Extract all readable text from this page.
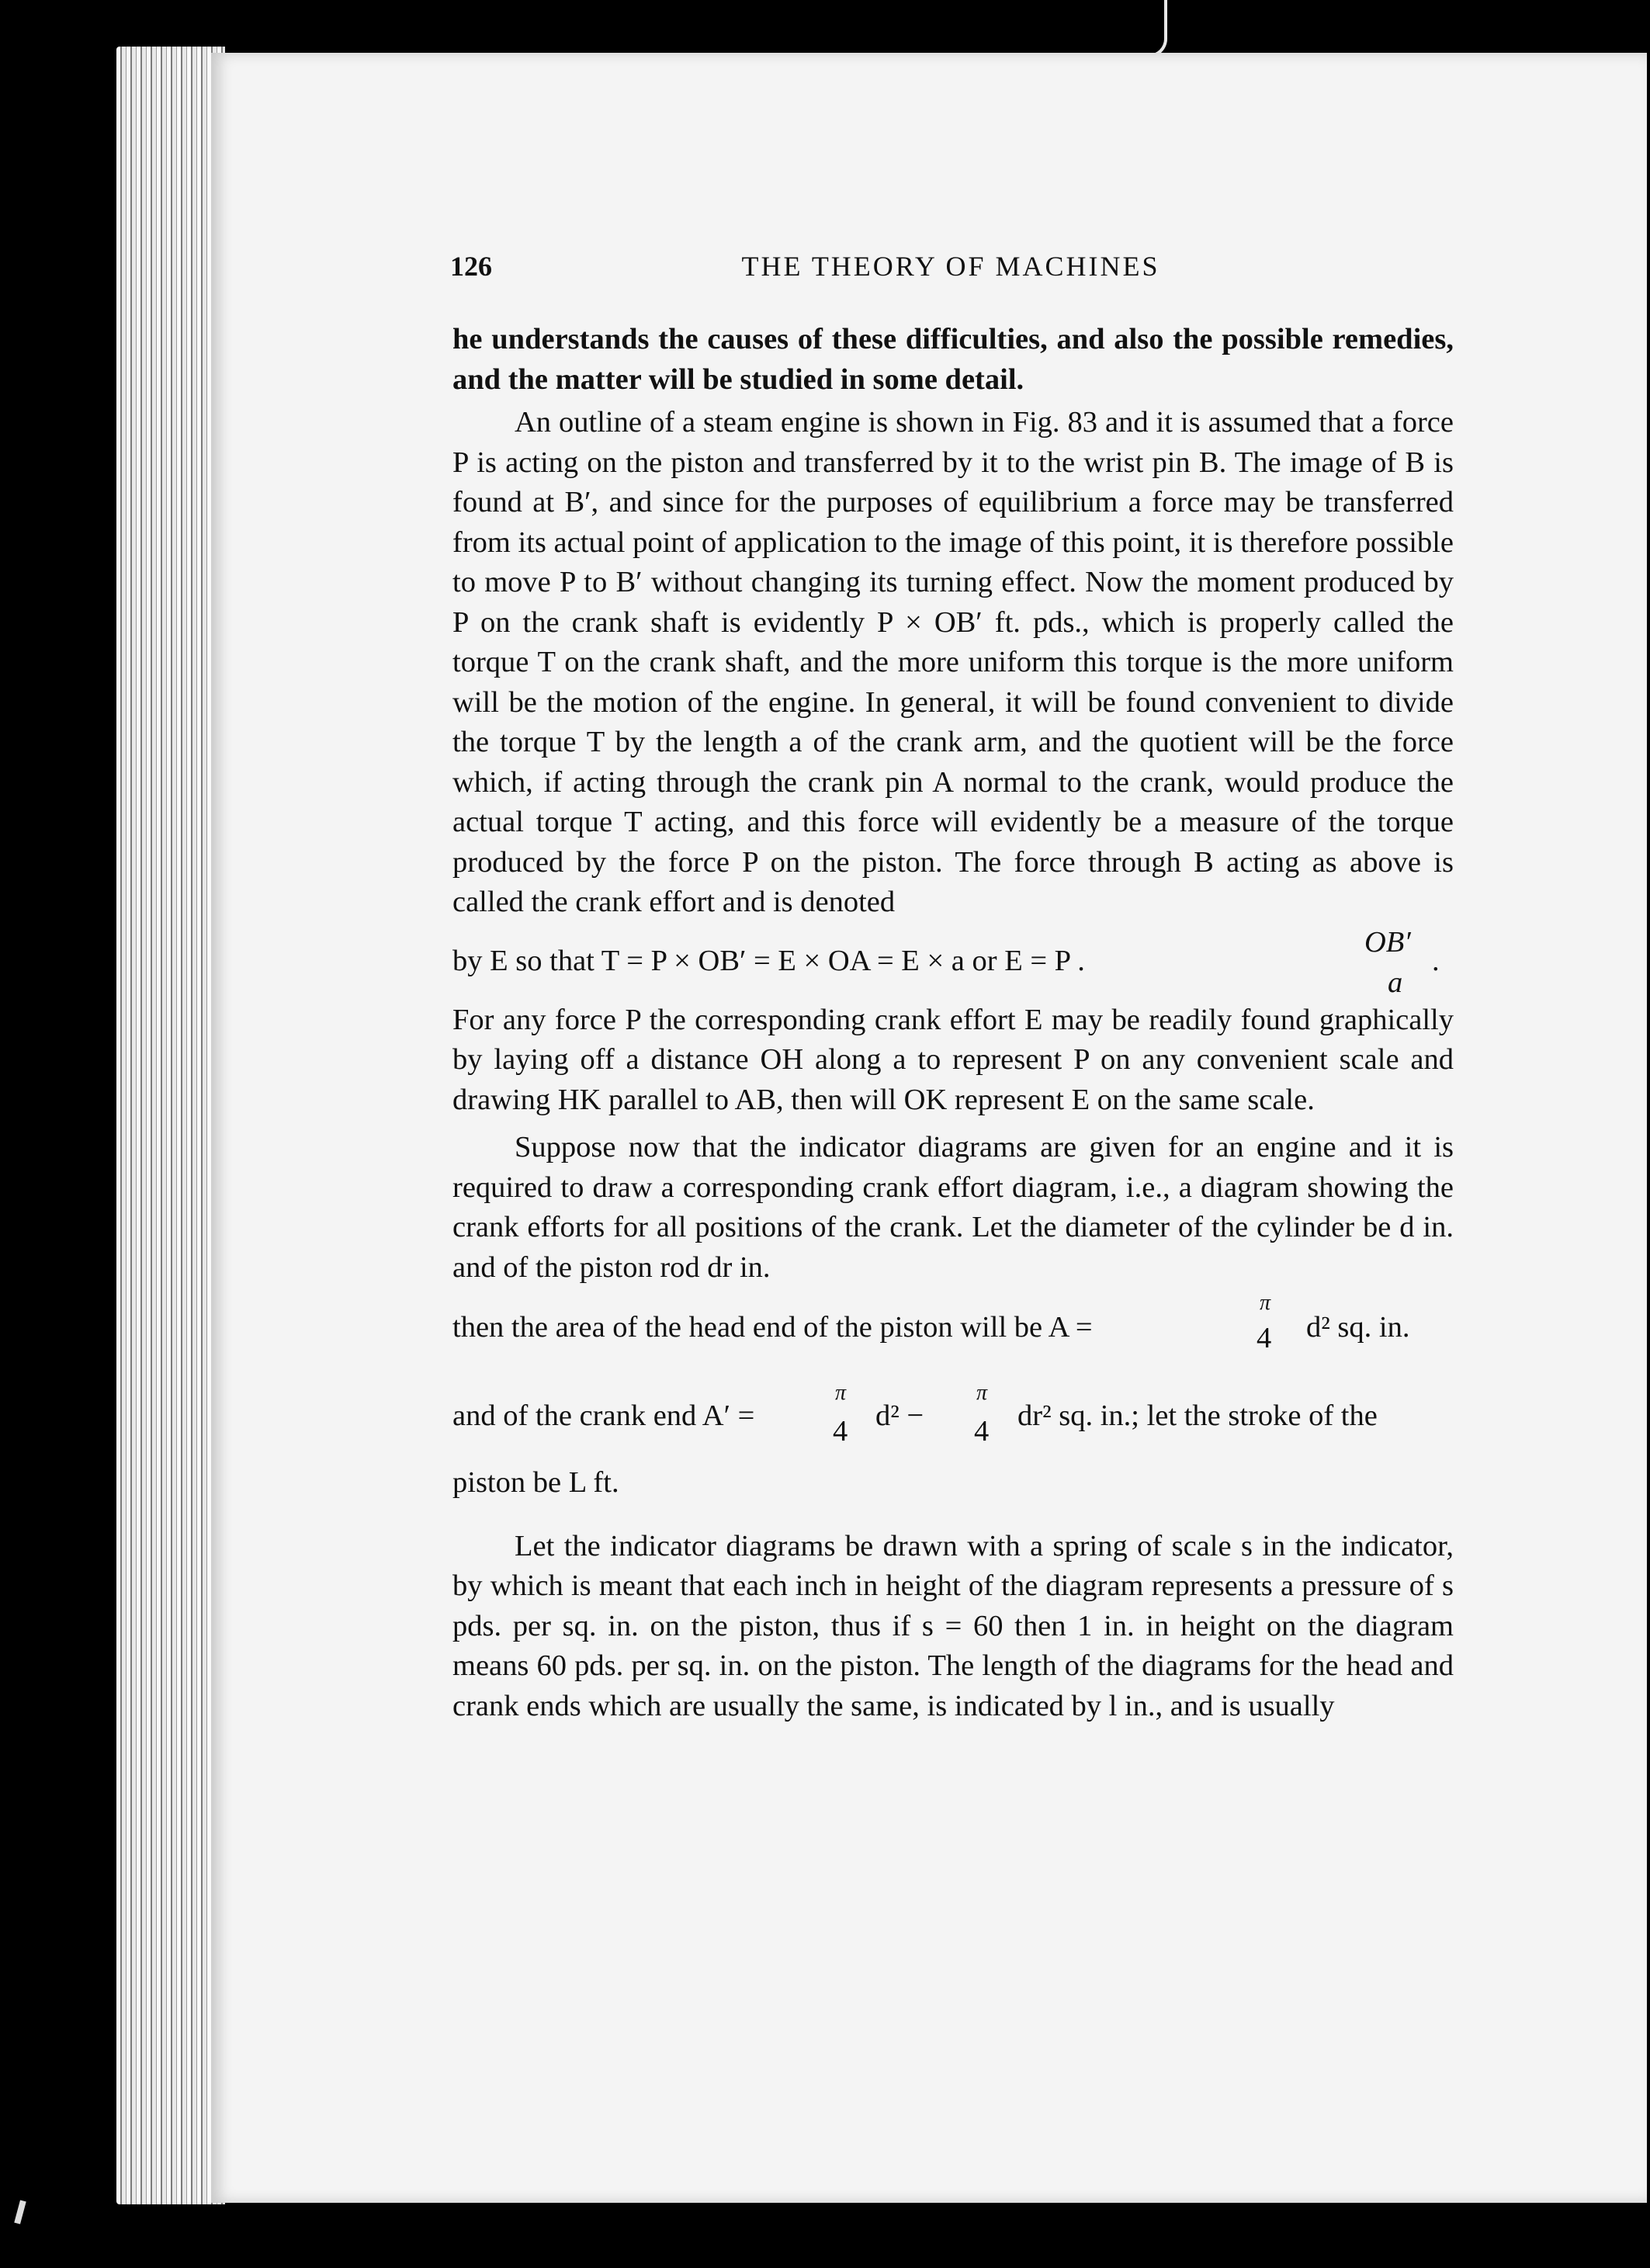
126	THE THEORY OF MACHINES

he understands the causes of these difficulties, and also the possible remedies, and the matter will be studied in some detail.

An outline of a steam engine is shown in Fig. 83 and it is assumed that a force P is acting on the piston and transferred by it to the wrist pin B. The image of B is found at B′, and since for the purposes of equilibrium a force may be transferred from its actual point of application to the image of this point, it is therefore possible to move P to B′ without changing its turning effect. Now the moment produced by P on the crank shaft is evidently P × OB′ ft. pds., which is properly called the torque T on the crank shaft, and the more uniform this torque is the more uniform will be the motion of the engine. In general, it will be found convenient to divide the torque T by the length a of the crank arm, and the quotient will be the force which, if acting through the crank pin A normal to the crank, would produce the actual torque T acting, and this force will evidently be a measure of the torque produced by the force P on the piston. The force through B acting as above is called the crank effort and is denoted

by E so that T = P × OB′ = E × OA = E × a or E = P .
OB′
a
.

For any force P the corresponding crank effort E may be readily found graphically by laying off a distance OH along a to represent P on any convenient scale and drawing HK parallel to AB, then will OK represent E on the same scale.

Suppose now that the indicator diagrams are given for an engine and it is required to draw a corresponding crank effort diagram, i.e., a diagram showing the crank efforts for all positions of the crank. Let the diameter of the cylinder be d in. and of the piston rod dr in.

then the area of the head end of the piston will be A =
π
4 d² sq. in.
and of the crank end A′ =
π
4 d² −
π
4 dr² sq. in.; let the stroke of the

piston be L ft.

Let the indicator diagrams be drawn with a spring of scale s in the indicator, by which is meant that each inch in height of the diagram represents a pressure of s pds. per sq. in. on the piston, thus if s = 60 then 1 in. in height on the diagram means 60 pds. per sq. in. on the piston. The length of the diagrams for the head and crank ends which are usually the same, is indicated by l in., and is usually
